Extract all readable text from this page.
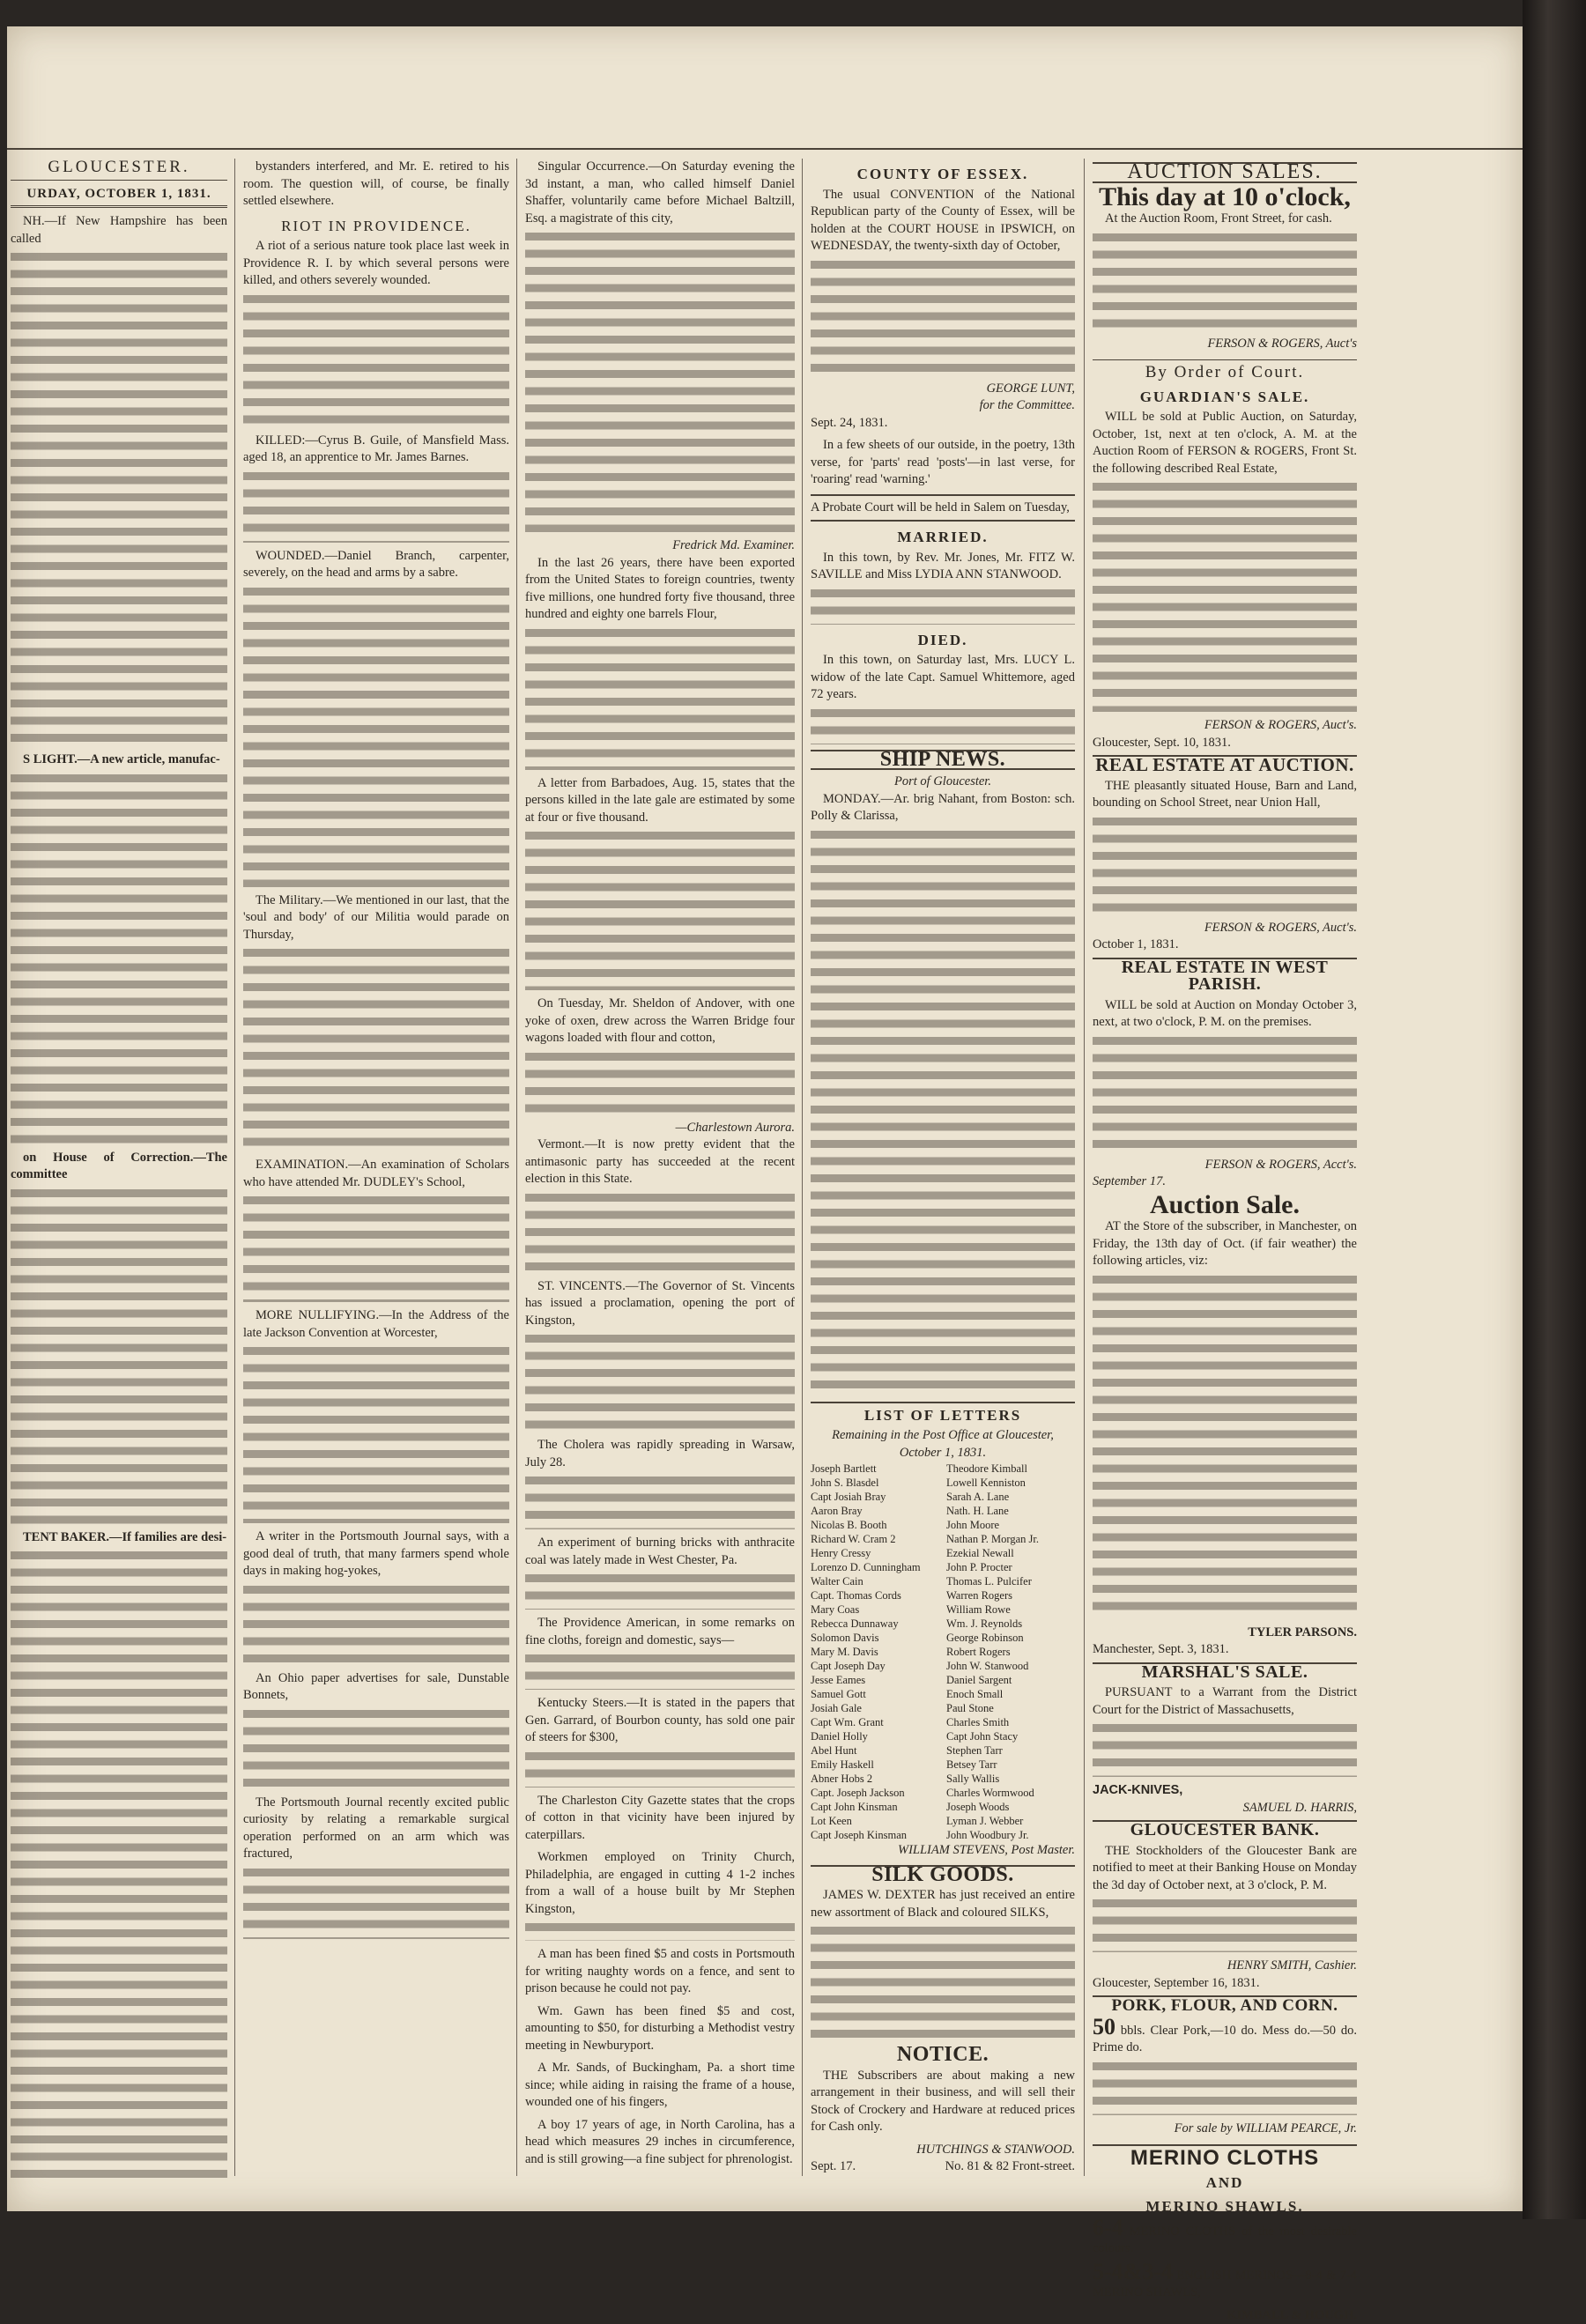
GLOUCESTER.
URDAY, OCTOBER 1, 1831.

NH.—If New Hampshire has been called

S LIGHT.—A new article, manufac-

on House of Correction.—The committee

TENT BAKER.—If families are desi-

bystanders interfered, and Mr. E. retired to his room. The question will, of course, be finally settled elsewhere.

RIOT IN PROVIDENCE.

A riot of a serious nature took place last week in Providence R. I. by which several persons were killed, and others severely wounded.

KILLED:—Cyrus B. Guile, of Mansfield Mass. aged 18, an apprentice to Mr. James Barnes.

WOUNDED.—Daniel Branch, carpenter, severely, on the head and arms by a sabre.

The Military.—We mentioned in our last, that the 'soul and body' of our Militia would parade on Thursday,

EXAMINATION.—An examination of Scholars who have attended Mr. DUDLEY's School,

MORE NULLIFYING.—In the Address of the late Jackson Convention at Worcester,

A writer in the Portsmouth Journal says, with a good deal of truth, that many farmers spend whole days in making hog-yokes,

An Ohio paper advertises for sale, Dunstable Bonnets,

The Portsmouth Journal recently excited public curiosity by relating a remarkable surgical operation performed on an arm which was fractured,

Singular Occurrence.—On Saturday evening the 3d instant, a man, who called himself Daniel Shaffer, voluntarily came before Michael Baltzill, Esq. a magistrate of this city,

Fredrick Md. Examiner.

In the last 26 years, there have been exported from the United States to foreign countries, twenty five millions, one hundred forty five thousand, three hundred and eighty one barrels Flour,

A letter from Barbadoes, Aug. 15, states that the persons killed in the late gale are estimated by some at four or five thousand.

On Tuesday, Mr. Sheldon of Andover, with one yoke of oxen, drew across the Warren Bridge four wagons loaded with flour and cotton,

—Charlestown Aurora.

Vermont.—It is now pretty evident that the antimasonic party has succeeded at the recent election in this State.

ST. VINCENTS.—The Governor of St. Vincents has issued a proclamation, opening the port of Kingston,

The Cholera was rapidly spreading in Warsaw, July 28.

An experiment of burning bricks with anthracite coal was lately made in West Chester, Pa.

The Providence American, in some remarks on fine cloths, foreign and domestic, says—

Kentucky Steers.—It is stated in the papers that Gen. Garrard, of Bourbon county, has sold one pair of steers for $300,

The Charleston City Gazette states that the crops of cotton in that vicinity have been injured by caterpillars.

Workmen employed on Trinity Church, Philadelphia, are engaged in cutting 4 1-2 inches from a wall of a house built by Mr Stephen Kingston,

A man has been fined $5 and costs in Portsmouth for writing naughty words on a fence, and sent to prison because he could not pay.

Wm. Gawn has been fined $5 and cost, amounting to $50, for disturbing a Methodist vestry meeting in Newburyport.

A Mr. Sands, of Buckingham, Pa. a short time since; while aiding in raising the frame of a house, wounded one of his fingers,

A boy 17 years of age, in North Carolina, has a head which measures 29 inches in circumference, and is still growing—a fine subject for phrenologist.

COUNTY OF ESSEX.

The usual CONVENTION of the National Republican party of the County of Essex, will be holden at the COURT HOUSE in IPSWICH, on WEDNESDAY, the twenty-sixth day of October,

GEORGE LUNT,
for the Committee.
Sept. 24, 1831.

In a few sheets of our outside, in the poetry, 13th verse, for 'parts' read 'posts'—in last verse, for 'roaring' read 'warning.'

A Probate Court will be held in Salem on Tuesday,

MARRIED.

In this town, by Rev. Mr. Jones, Mr. FITZ W. SAVILLE and Miss LYDIA ANN STANWOOD.

DIED.

In this town, on Saturday last, Mrs. LUCY L. widow of the late Capt. Samuel Whittemore, aged 72 years.

SHIP NEWS.
Port of Gloucester.

MONDAY.—Ar. brig Nahant, from Boston: sch. Polly & Clarissa,

LIST OF LETTERS
Remaining in the Post Office at Gloucester, October 1, 1831.
Joseph Bartlett
John S. Blasdel
Capt Josiah Bray
Aaron Bray
Nicolas B. Booth
Richard W. Cram 2
Henry Cressy
Lorenzo D. Cunningham
Walter Cain
Capt. Thomas Cords
Mary Coas
Rebecca Dunnaway
Solomon Davis
Mary M. Davis
Capt Joseph Day
Jesse Eames
Samuel Gott
Josiah Gale
Capt Wm. Grant
Daniel Holly
Abel Hunt
Emily Haskell
Abner Hobs 2
Capt. Joseph Jackson
Capt John Kinsman
Lot Keen
Capt Joseph Kinsman
Theodore Kimball
Lowell Kenniston
Sarah A. Lane
Nath. H. Lane
John Moore
Nathan P. Morgan Jr.
Ezekial Newall
John P. Procter
Thomas L. Pulcifer
Warren Rogers
William Rowe
Wm. J. Reynolds
George Robinson
Robert Rogers
John W. Stanwood
Daniel Sargent
Enoch Small
Paul Stone
Charles Smith
Capt John Stacy
Stephen Tarr
Betsey Tarr
Sally Wallis
Charles Wormwood
Joseph Woods
Lyman J. Webber
John Woodbury Jr.
WILLIAM STEVENS, Post Master.
SILK GOODS.

JAMES W. DEXTER has just received an entire new assortment of Black and coloured SILKS,

NOTICE.

THE Subscribers are about making a new arrangement in their business, and will sell their Stock of Crockery and Hardware at reduced prices for Cash only.

HUTCHINGS & STANWOOD.
Sept. 17.	No. 81 & 82 Front-street.
AUCTION SALES.
This day at 10 o'clock,

At the Auction Room, Front Street, for cash.

FERSON & ROGERS, Auct's
By Order of Court.
GUARDIAN'S SALE.

WILL be sold at Public Auction, on Saturday, October, 1st, next at ten o'clock, A. M. at the Auction Room of FERSON & ROGERS, Front St. the following described Real Estate,

FERSON & ROGERS, Auct's.
Gloucester, Sept. 10, 1831.
REAL ESTATE AT AUCTION.

THE pleasantly situated House, Barn and Land, bounding on School Street, near Union Hall,

FERSON & ROGERS, Auct's.
October 1, 1831.
REAL ESTATE IN WEST PARISH.

WILL be sold at Auction on Monday October 3, next, at two o'clock, P. M. on the premises.

FERSON & ROGERS, Acct's.
September 17.
Auction Sale.

AT the Store of the subscriber, in Manchester, on Friday, the 13th day of Oct. (if fair weather) the following articles, viz:

TYLER PARSONS.
Manchester, Sept. 3, 1831.
MARSHAL'S SALE.

PURSUANT to a Warrant from the District Court for the District of Massachusetts,

JACK-KNIVES,
SAMUEL D. HARRIS,
GLOUCESTER BANK.

THE Stockholders of the Gloucester Bank are notified to meet at their Banking House on Monday the 3d day of October next, at 3 o'clock, P. M.

HENRY SMITH, Cashier.
Gloucester, September 16, 1831.
PORK, FLOUR, AND CORN.

50 bbls. Clear Pork,—10 do. Mess do.—50 do. Prime do.

For sale by WILLIAM PEARCE, Jr.
MERINO CLOTHS
AND
MERINO SHAWLS.

6-4 MERINO CLOTHS of the most desirable colours.

5-4&3-4 ENGLISH MERINOS—8-4 & 7-4 MERINO SHAWLS,

KIMBALL & HOUGH.
